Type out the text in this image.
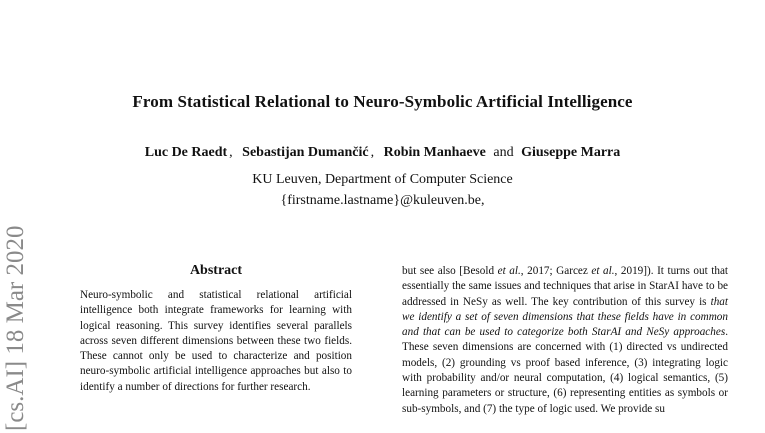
From Statistical Relational to Neuro-Symbolic Artificial Intelligence
Luc De Raedt , Sebastijan Dumančić , Robin Manhaeve and Giuseppe Marra
KU Leuven, Department of Computer Science
{firstname.lastname}@kuleuven.be,
[cs.AI] 18 Mar 2020	Abstract
Neuro-symbolic and statistical relational artificial intelligence both integrate frameworks for learning with logical reasoning. This survey identifies several parallels across seven different dimensions between these two fields. These cannot only be used to characterize and position neuro-symbolic artificial intelligence approaches but also to identify a number of directions for further research.

but see also [Besold et al., 2017; Garcez et al., 2019]). It turns out that essentially the same issues and techniques that arise in StarAI have to be addressed in NeSy as well. The key contribution of this survey is that we identify a set of seven dimensions that these fields have in common and that can be used to categorize both StarAI and NeSy approaches. These seven dimensions are concerned with (1) directed vs undirected models, (2) grounding vs proof based inference, (3) integrating logic with probability and/or neural computation, (4) logical semantics, (5) learning parameters or structure, (6) representing entities as symbols or sub-symbols, and (7) the type of logic used. We provide su
